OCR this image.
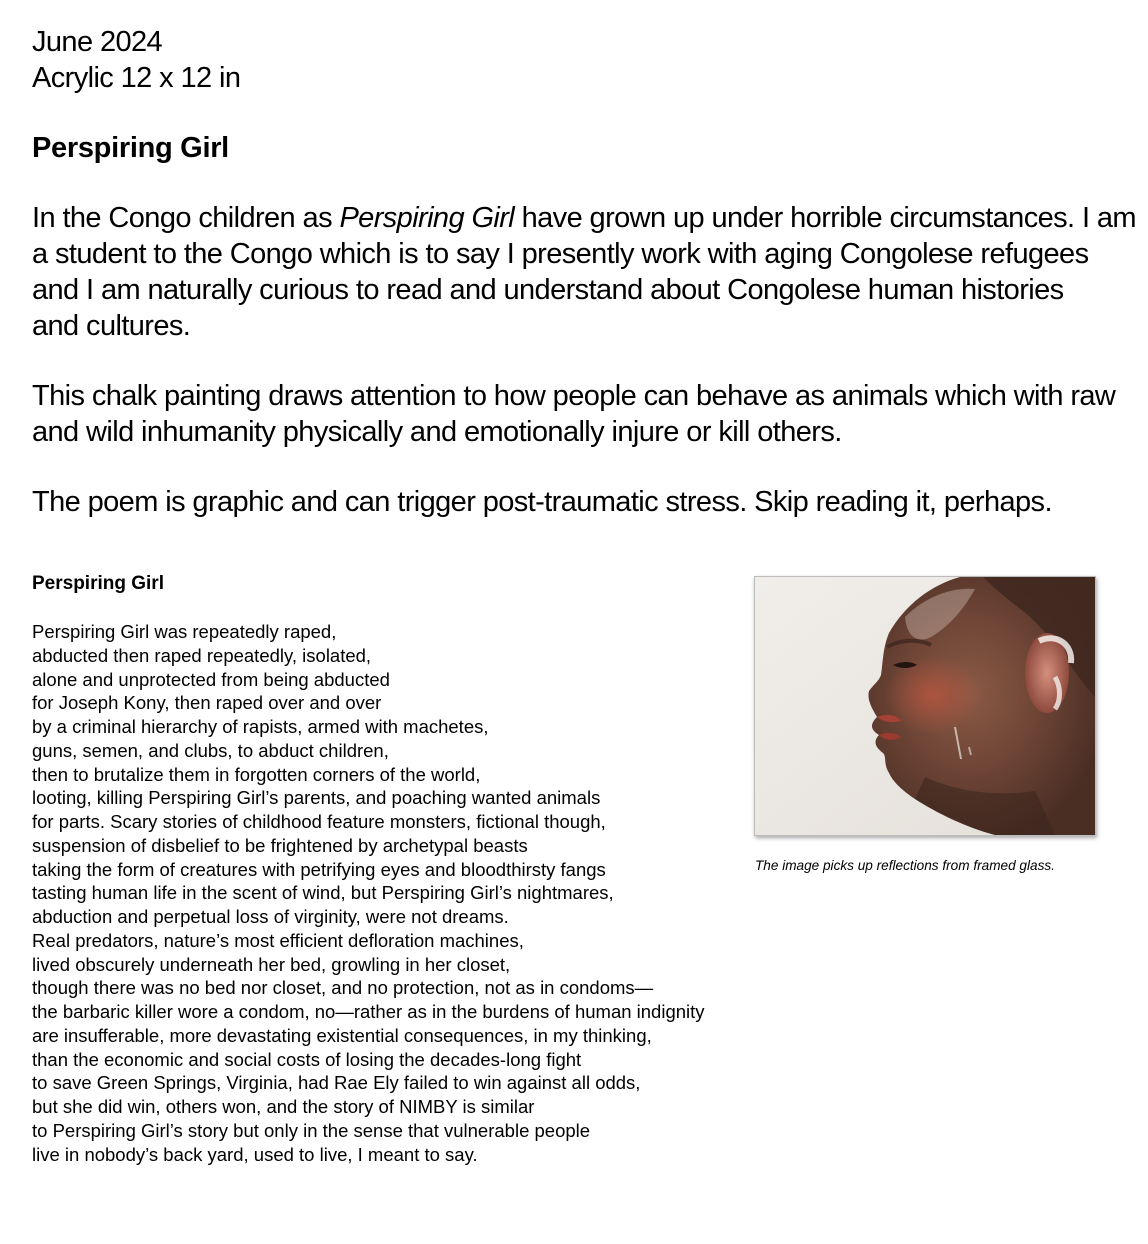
June 2024
Acrylic 12 x 12 in
Perspiring Girl
In the Congo children as Perspiring Girl have grown up under horrible circumstances. I am
a student to the Congo which is to say I presently work with aging Congolese refugees
and I am naturally curious to read and understand about Congolese human histories
and cultures.
This chalk painting draws attention to how people can behave as animals which with raw
and wild inhumanity physically and emotionally injure or kill others.
The poem is graphic and can trigger post-traumatic stress. Skip reading it, perhaps.
Perspiring Girl
Perspiring Girl was repeatedly raped,
abducted then raped repeatedly, isolated,
alone and unprotected from being abducted
for Joseph Kony, then raped over and over
by a criminal hierarchy of rapists, armed with machetes,
guns, semen, and clubs, to abduct children,
then to brutalize them in forgotten corners of the world,
looting, killing Perspiring Girl’s parents, and poaching wanted animals
for parts. Scary stories of childhood feature monsters, fictional though,
suspension of disbelief to be frightened by archetypal beasts
taking the form of creatures with petrifying eyes and bloodthirsty fangs
tasting human life in the scent of wind, but Perspiring Girl’s nightmares,
abduction and perpetual loss of virginity, were not dreams.
Real predators, nature’s most efficient defloration machines,
lived obscurely underneath her bed, growling in her closet,
though there was no bed nor closet, and no protection, not as in condoms—
the barbaric killer wore a condom, no—rather as in the burdens of human indignity
are insufferable, more devastating existential consequences, in my thinking,
than the economic and social costs of losing the decades-long fight
to save Green Springs, Virginia, had Rae Ely failed to win against all odds,
but she did win, others won, and the story of NIMBY is similar
to Perspiring Girl’s story but only in the sense that vulnerable people
live in nobody’s back yard, used to live, I meant to say.
The image picks up reflections from framed glass.
